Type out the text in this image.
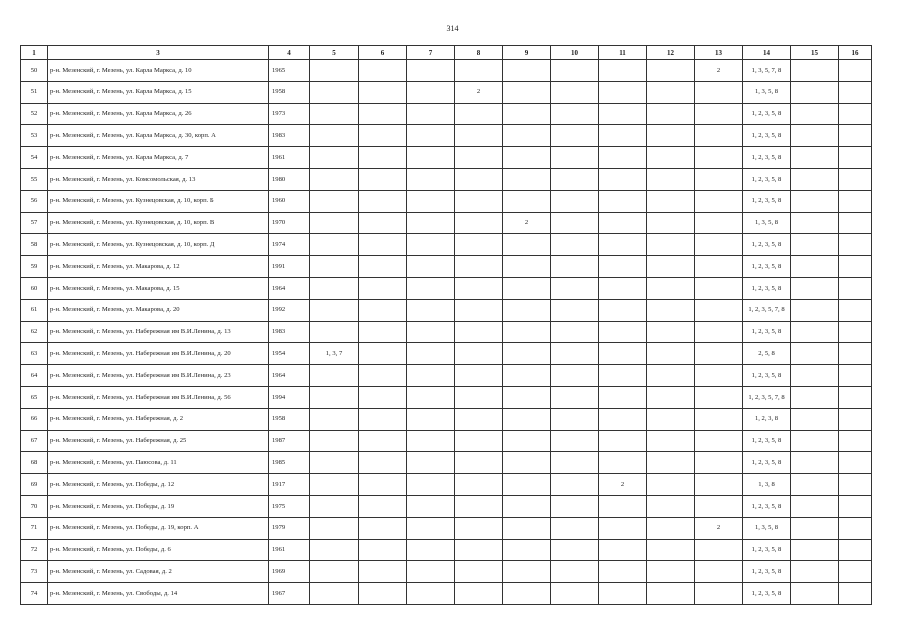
314
1	3	4	5	6	7	8	9	10	11	12	13	14	15	16
50	р-н. Мезенский, г. Мезень, ул. Карла Маркса, д. 10	1965									2	1, 3, 5, 7, 8		
51	р-н. Мезенский, г. Мезень, ул. Карла Маркса, д. 15	1958				2						1, 3, 5, 8		
52	р-н. Мезенский, г. Мезень, ул. Карла Маркса, д. 26	1973										1, 2, 3, 5, 8		
53	р-н. Мезенский, г. Мезень, ул. Карла Маркса, д. 30, корп. А	1983										1, 2, 3, 5, 8		
54	р-н. Мезенский, г. Мезень, ул. Карла Маркса, д. 7	1961										1, 2, 3, 5, 8		
55	р-н. Мезенский, г. Мезень, ул. Комсомольская, д. 13	1980										1, 2, 3, 5, 8		
56	р-н. Мезенский, г. Мезень, ул. Кузнецовская, д. 10, корп. Б	1960										1, 2, 3, 5, 8		
57	р-н. Мезенский, г. Мезень, ул. Кузнецовская, д. 10, корп. В	1970					2					1, 3, 5, 8		
58	р-н. Мезенский, г. Мезень, ул. Кузнецовская, д. 10, корп. Д	1974										1, 2, 3, 5, 8		
59	р-н. Мезенский, г. Мезень, ул. Макарова, д. 12	1991										1, 2, 3, 5, 8		
60	р-н. Мезенский, г. Мезень, ул. Макарова, д. 15	1964										1, 2, 3, 5, 8		
61	р-н. Мезенский, г. Мезень, ул. Макарова, д. 20	1992										1, 2, 3, 5, 7, 8		
62	р-н. Мезенский, г. Мезень, ул. Набережная им В.И.Ленина, д. 13	1983										1, 2, 3, 5, 8		
63	р-н. Мезенский, г. Мезень, ул. Набережная им В.И.Ленина, д. 20	1954	1, 3, 7									2, 5, 8		
64	р-н. Мезенский, г. Мезень, ул. Набережная им В.И.Ленина, д. 23	1964										1, 2, 3, 5, 8		
65	р-н. Мезенский, г. Мезень, ул. Набережная им В.И.Ленина, д. 56	1994										1, 2, 3, 5, 7, 8		
66	р-н. Мезенский, г. Мезень, ул. Набережная, д. 2	1958										1, 2, 3, 8		
67	р-н. Мезенский, г. Мезень, ул. Набережная, д. 25	1987										1, 2, 3, 5, 8		
68	р-н. Мезенский, г. Мезень, ул. Паюсова, д. 11	1985										1, 2, 3, 5, 8		
69	р-н. Мезенский, г. Мезень, ул. Победы, д. 12	1917							2			1, 3, 8		
70	р-н. Мезенский, г. Мезень, ул. Победы, д. 19	1975										1, 2, 3, 5, 8		
71	р-н. Мезенский, г. Мезень, ул. Победы, д. 19, корп. А	1979									2	1, 3, 5, 8		
72	р-н. Мезенский, г. Мезень, ул. Победы, д. 6	1961										1, 2, 3, 5, 8		
73	р-н. Мезенский, г. Мезень, ул. Садовая, д. 2	1969										1, 2, 3, 5, 8		
74	р-н. Мезенский, г. Мезень, ул. Свободы, д. 14	1967										1, 2, 3, 5, 8		
